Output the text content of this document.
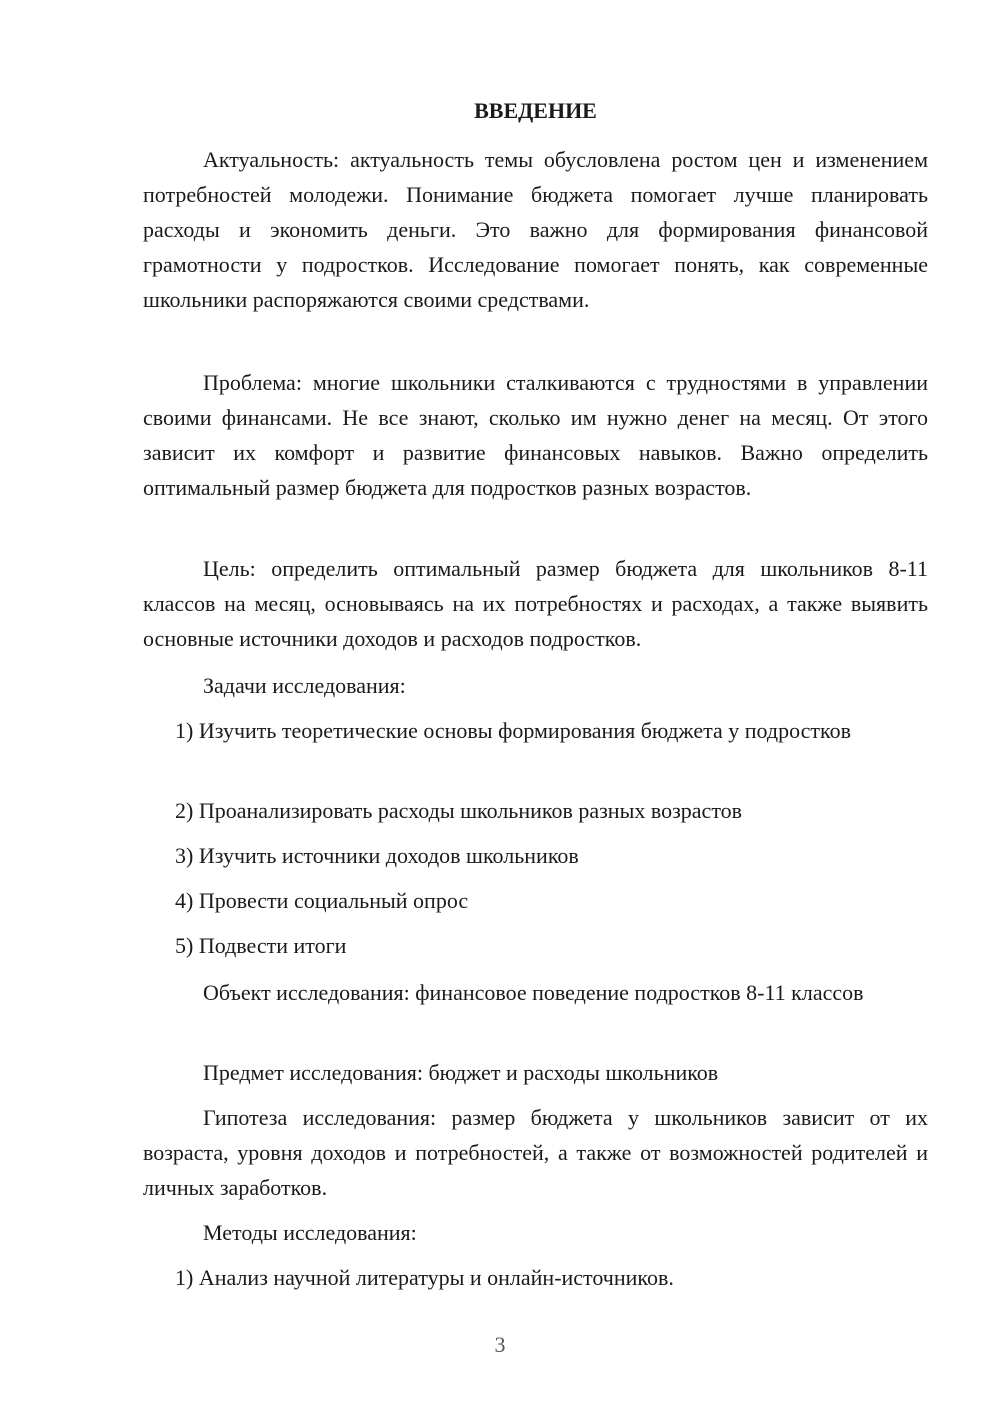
ВВЕДЕНИЕ

Актуальность: актуальность темы обусловлена ростом цен и изменением потребностей молодежи. Понимание бюджета помогает лучше планировать расходы и экономить деньги. Это важно для формирования финансовой грамотности у подростков. Исследование помогает понять, как современные школьники распоряжаются своими средствами.

Проблема: многие школьники сталкиваются с трудностями в управлении своими финансами. Не все знают, сколько им нужно денег на месяц. От этого зависит их комфорт и развитие финансовых навыков. Важно определить оптимальный размер бюджета для подростков разных возрастов.

Цель: определить оптимальный размер бюджета для школьников 8-11 классов на месяц, основываясь на их потребностях и расходах, а также выявить основные источники доходов и расходов подростков.

Задачи исследования:

1) Изучить теоретические основы формирования бюджета у подростков

2) Проанализировать расходы школьников разных возрастов

3) Изучить источники доходов школьников

4) Провести социальный опрос

5) Подвести итоги

Объект исследования: финансовое поведение подростков 8-11 классов

Предмет исследования: бюджет и расходы школьников

Гипотеза исследования: размер бюджета у школьников зависит от их возраста, уровня доходов и потребностей, а также от возможностей родителей и личных заработков.

Методы исследования:

1) Анализ научной литературы и онлайн-источников.

3
